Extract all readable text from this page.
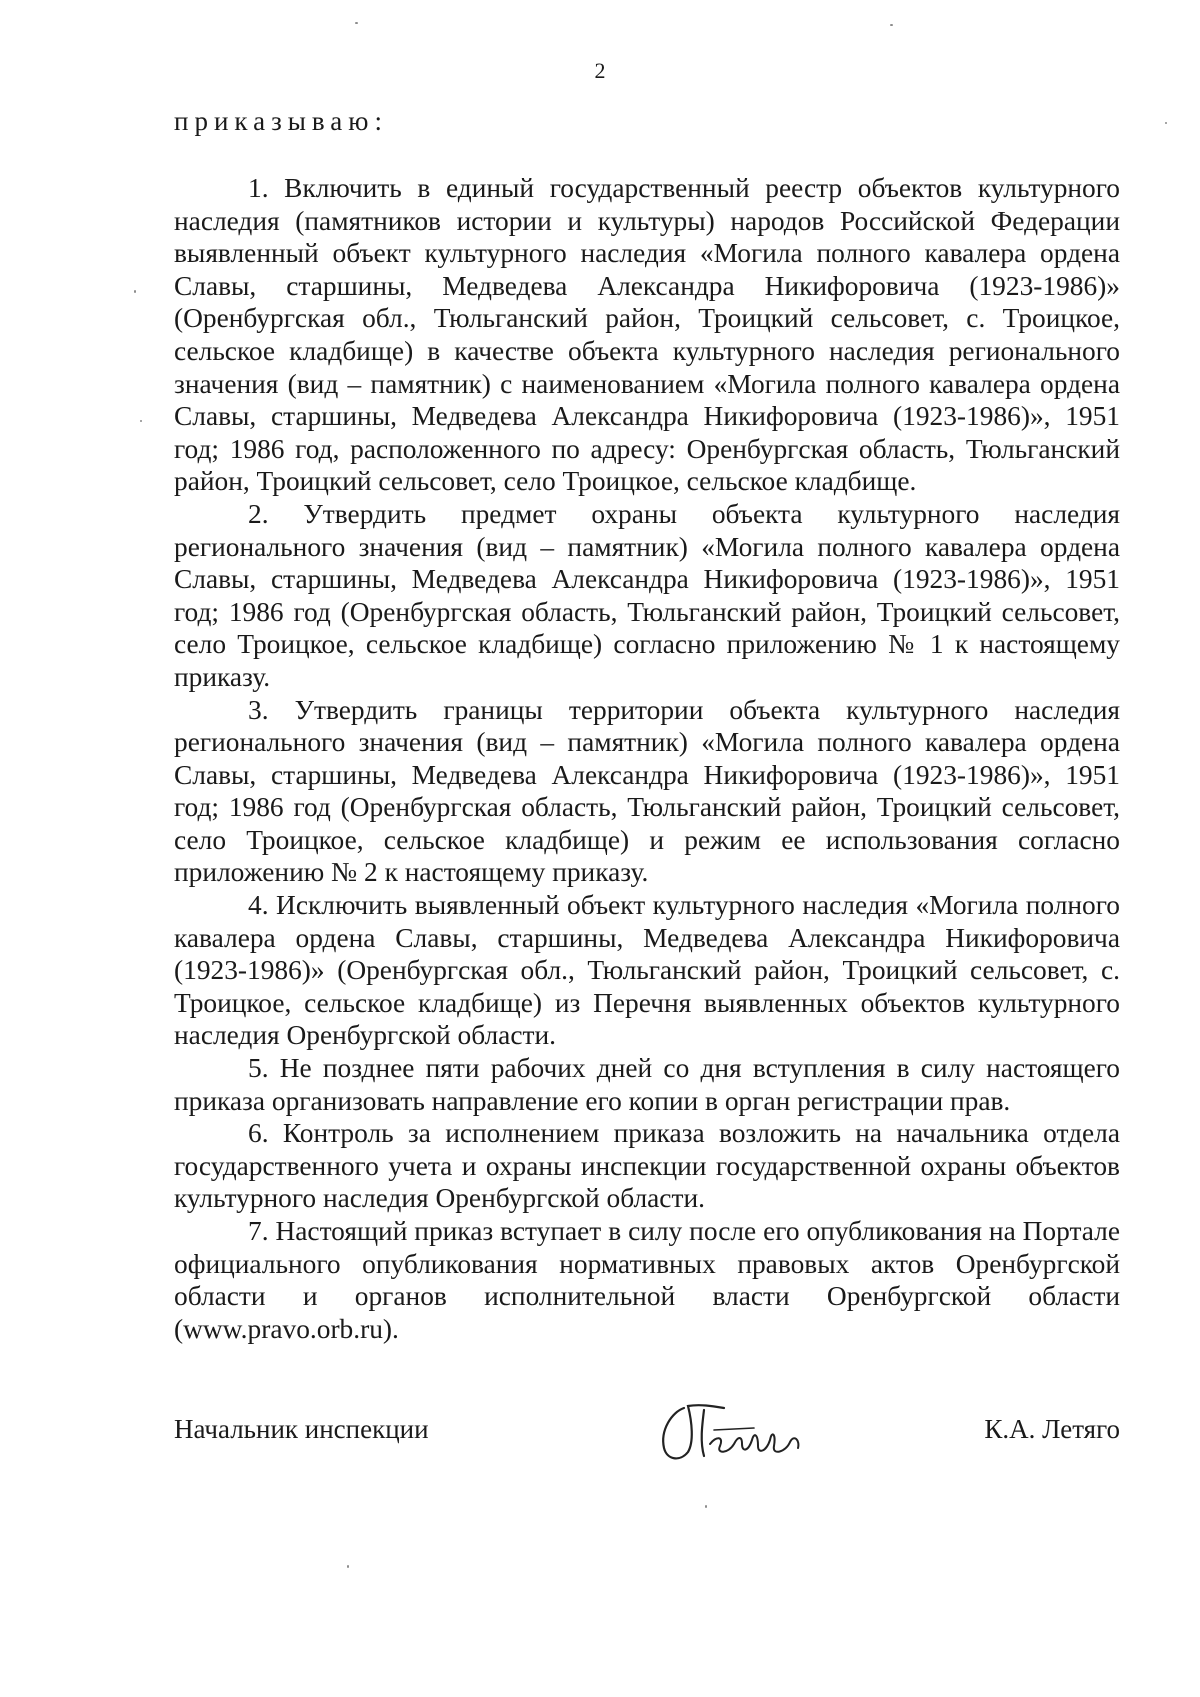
2
приказываю:

1. Включить в единый государственный реестр объектов культурного наследия (памятников истории и культуры) народов Российской Федерации выявленный объект культурного наследия «Могила полного кавалера ордена Славы, старшины, Медведева Александра Никифоровича (1923-1986)» (Оренбургская обл., Тюльганский район, Троицкий сельсовет, с. Троицкое, сельское кладбище) в качестве объекта культурного наследия регионального значения (вид – памятник) с наименованием «Могила полного кавалера ордена Славы, старшины, Медведева Александра Никифоровича (1923-1986)», 1951 год; 1986 год, расположенного по адресу: Оренбургская область, Тюльганский район, Троицкий сельсовет, село Троицкое, сельское кладбище.

2. Утвердить предмет охраны объекта культурного наследия регионального значения (вид – памятник) «Могила полного кавалера ордена Славы, старшины, Медведева Александра Никифоровича (1923-1986)», 1951 год; 1986 год (Оренбургская область, Тюльганский район, Троицкий сельсовет, село Троицкое, сельское кладбище) согласно приложению № 1 к настоящему приказу.

3. Утвердить границы территории объекта культурного наследия регионального значения (вид – памятник) «Могила полного кавалера ордена Славы, старшины, Медведева Александра Никифоровича (1923-1986)», 1951 год; 1986 год (Оренбургская область, Тюльганский район, Троицкий сельсовет, село Троицкое, сельское кладбище) и режим ее использования согласно приложению № 2 к настоящему приказу.

4. Исключить выявленный объект культурного наследия «Могила полного кавалера ордена Славы, старшины, Медведева Александра Никифоровича (1923-1986)» (Оренбургская обл., Тюльганский район, Троицкий сельсовет, с. Троицкое, сельское кладбище) из Перечня выявленных объектов культурного наследия Оренбургской области.

5. Не позднее пяти рабочих дней со дня вступления в силу настоящего приказа организовать направление его копии в орган регистрации прав.

6. Контроль за исполнением приказа возложить на начальника отдела государственного учета и охраны инспекции государственной охраны объектов культурного наследия Оренбургской области.

7. Настоящий приказ вступает в силу после его опубликования на Портале официального опубликования нормативных правовых актов Оренбургской области и органов исполнительной власти Оренбургской области (www.pravo.orb.ru).

Начальник инспекции	К.А. Летяго
